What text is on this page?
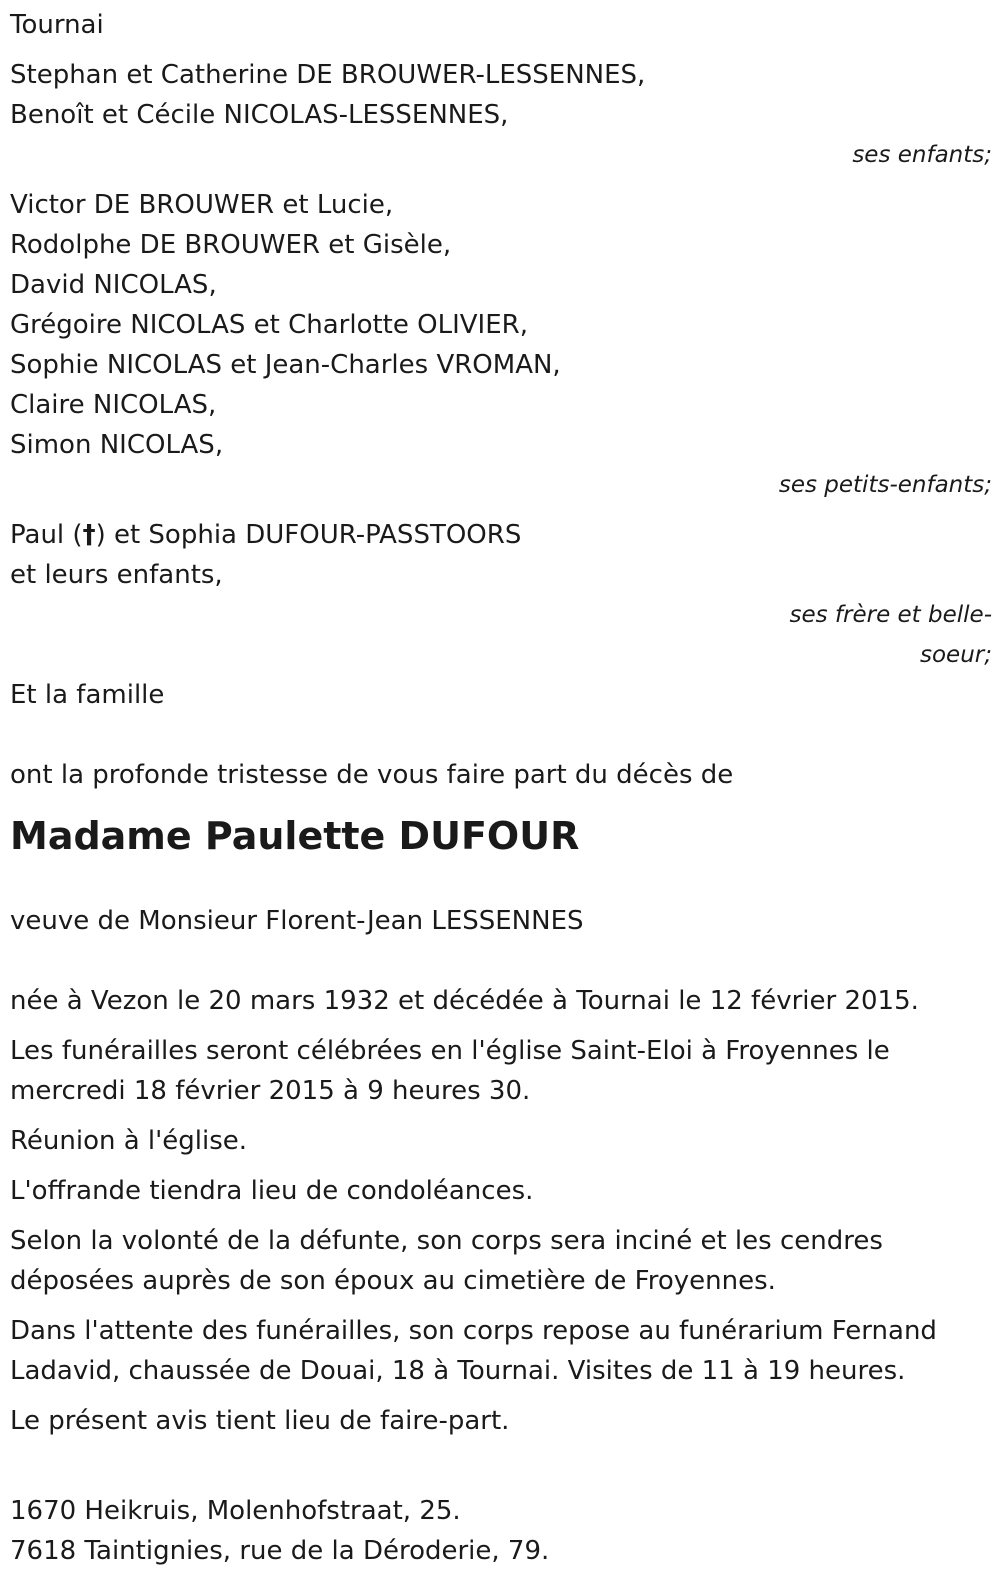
Tournai
Stephan et Catherine DE BROUWER-LESSENNES,
Benoît et Cécile NICOLAS-LESSENNES,
ses enfants;
Victor DE BROUWER et Lucie,
Rodolphe DE BROUWER et Gisèle,
David NICOLAS,
Grégoire NICOLAS et Charlotte OLIVIER,
Sophie NICOLAS et Jean-Charles VROMAN,
Claire NICOLAS,
Simon NICOLAS,
ses petits-enfants;
Paul (†) et Sophia DUFOUR-PASSTOORS
et leurs enfants,
ses frère et belle-
soeur;
Et la famille
ont la profonde tristesse de vous faire part du décès de
Madame Paulette DUFOUR
veuve de Monsieur Florent-Jean LESSENNES

née à Vezon le 20 mars 1932 et décédée à Tournai le 12 février 2015.

Les funérailles seront célébrées en l'église Saint-Eloi à Froyennes le mercredi 18 février 2015 à 9 heures 30.

Réunion à l'église.

L'offrande tiendra lieu de condoléances.

Selon la volonté de la défunte, son corps sera inciné et les cendres déposées auprès de son époux au cimetière de Froyennes.

Dans l'attente des funérailles, son corps repose au funérarium Fernand Ladavid, chaussée de Douai, 18 à Tournai. Visites de 11 à 19 heures.

Le présent avis tient lieu de faire-part.

1670 Heikruis, Molenhofstraat, 25.
7618 Taintignies, rue de la Déroderie, 79.
